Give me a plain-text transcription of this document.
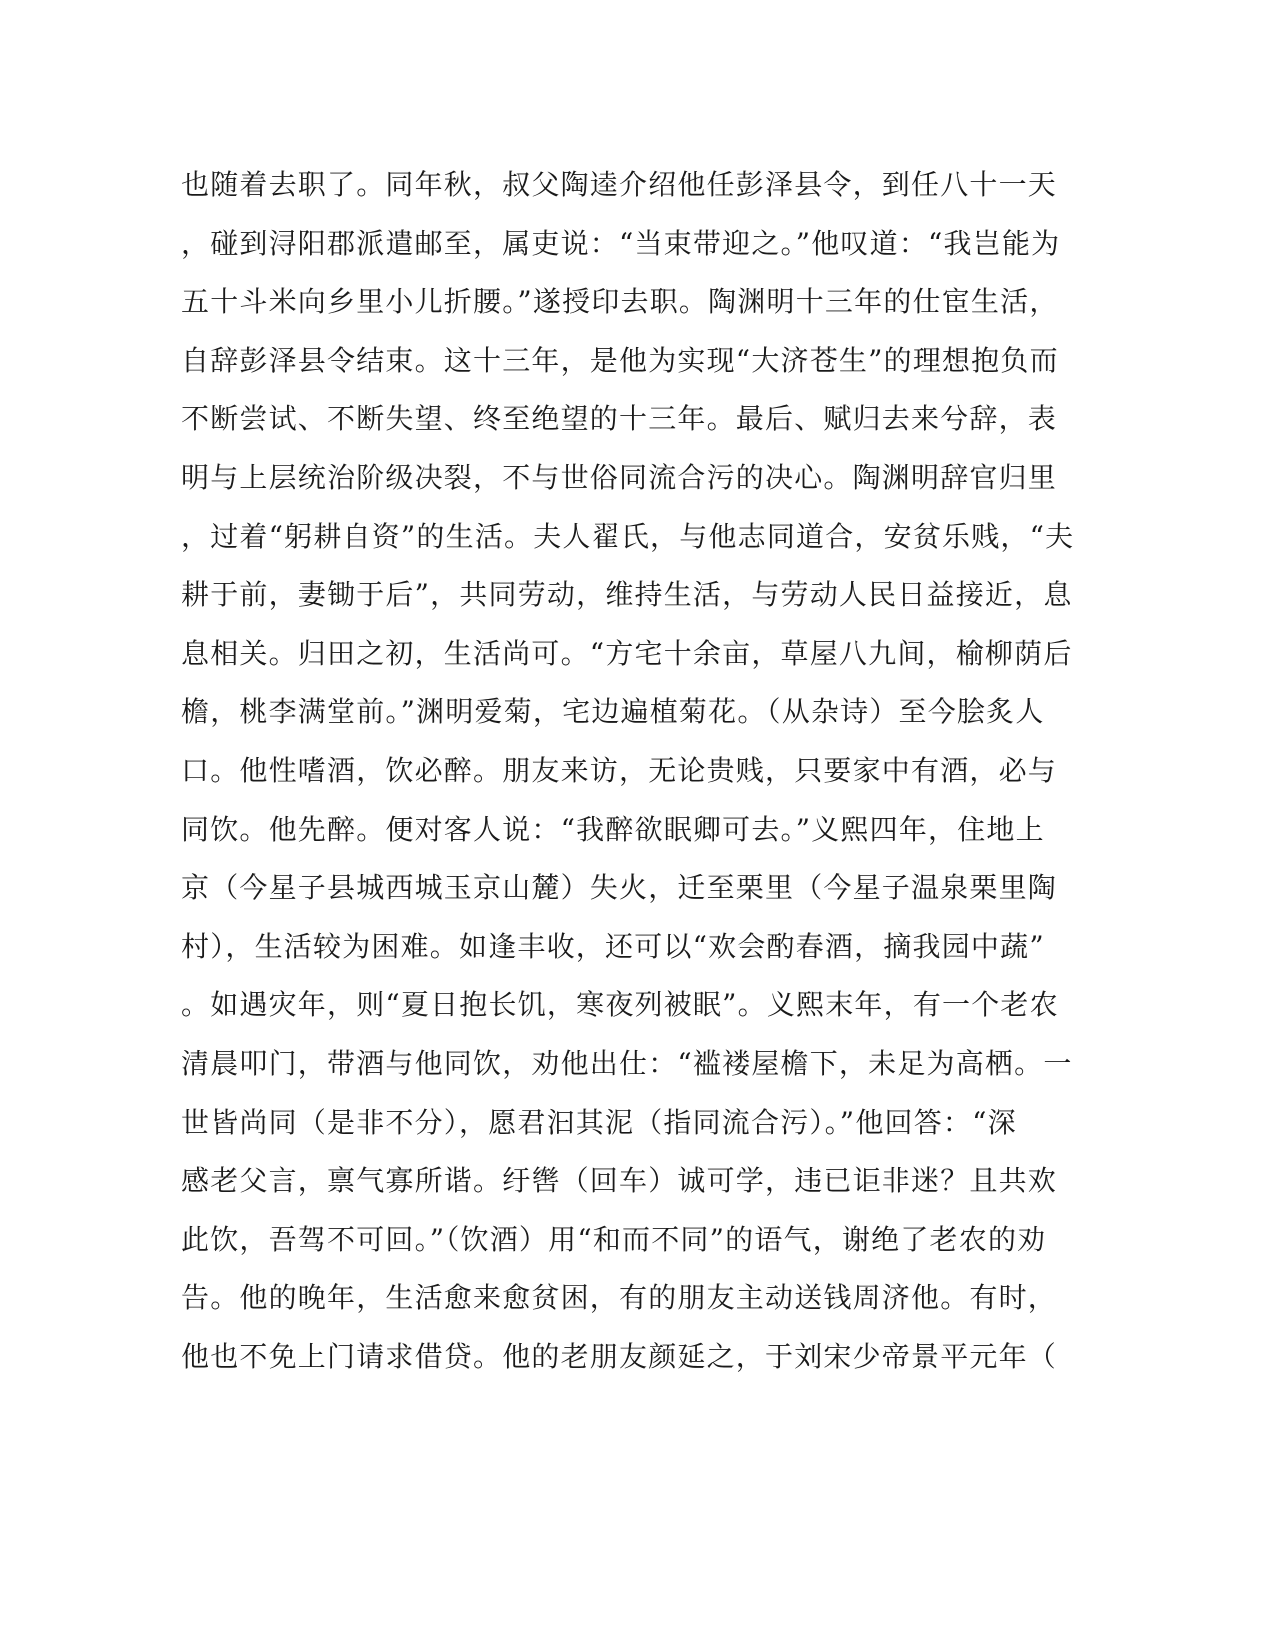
也随着去职了。同年秋，叔父陶逵介绍他任彭泽县令，到任八十一天
，碰到浔阳郡派遣邮至，属吏说：“当束带迎之。”他叹道：“我岂能为
五十斗米向乡里小儿折腰。”遂授印去职。陶渊明十三年的仕宦生活，
自辞彭泽县令结束。这十三年，是他为实现“大济苍生”的理想抱负而
不断尝试、不断失望、终至绝望的十三年。最后、赋归去来兮辞，表
明与上层统治阶级决裂，不与世俗同流合污的决心。陶渊明辞官归里
，过着“躬耕自资”的生活。夫人翟氏，与他志同道合，安贫乐贱，“夫
耕于前，妻锄于后”，共同劳动，维持生活，与劳动人民日益接近，息
息相关。归田之初，生活尚可。“方宅十余亩，草屋八九间，榆柳荫后
檐，桃李满堂前。”渊明爱菊，宅边遍植菊花。（从杂诗）至今脍炙人
口。他性嗜酒，饮必醉。朋友来访，无论贵贱，只要家中有酒，必与
同饮。他先醉。便对客人说：“我醉欲眠卿可去。”义熙四年，住地上
京（今星子县城西城玉京山麓）失火，迁至栗里（今星子温泉栗里陶
村），生活较为困难。如逢丰收，还可以“欢会酌春酒，摘我园中蔬”
。如遇灾年，则“夏日抱长饥，寒夜列被眠”。义熙末年，有一个老农
清晨叩门，带酒与他同饮，劝他出仕：“褴褛屋檐下，未足为高栖。一
世皆尚同（是非不分），愿君汩其泥（指同流合污）。”他回答：“深
感老父言，禀气寡所谐。纡辔（回车）诚可学，违已讵非迷？且共欢
此饮，吾驾不可回。”（饮酒）用“和而不同”的语气，谢绝了老农的劝
告。他的晚年，生活愈来愈贫困，有的朋友主动送钱周济他。有时，
他也不免上门请求借贷。他的老朋友颜延之，于刘宋少帝景平元年（
